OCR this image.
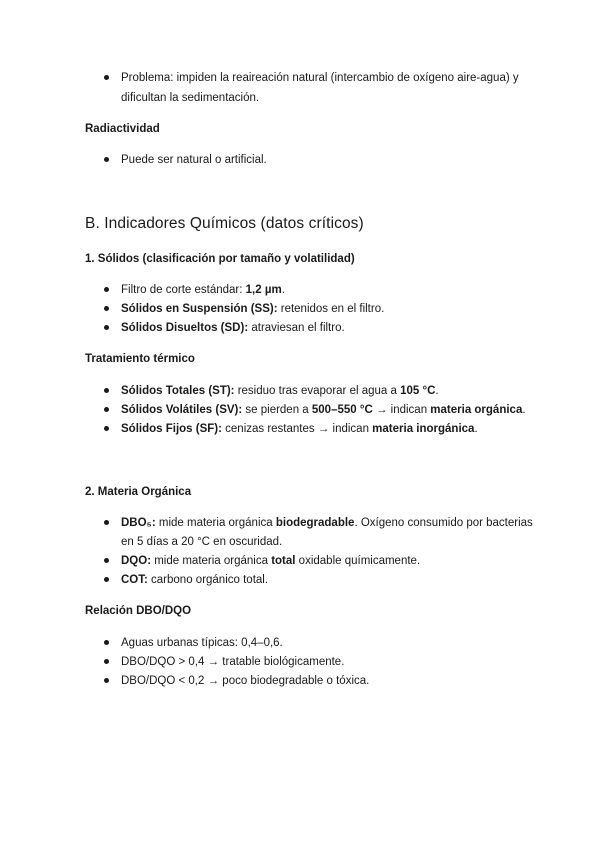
Problema: impiden la reaireación natural (intercambio de oxígeno aire-agua) y
dificultan la sedimentación.
Radiactividad
Puede ser natural o artificial.
B. Indicadores Químicos (datos críticos)
1. Sólidos (clasificación por tamaño y volatilidad)
Filtro de corte estándar: 1,2 µm.
Sólidos en Suspensión (SS): retenidos en el filtro.
Sólidos Disueltos (SD): atraviesan el filtro.
Tratamiento térmico
Sólidos Totales (ST): residuo tras evaporar el agua a 105 °C.
Sólidos Volátiles (SV): se pierden a 500–550 °C → indican materia orgánica.
Sólidos Fijos (SF): cenizas restantes → indican materia inorgánica.
2. Materia Orgánica
DBO₅: mide materia orgánica biodegradable. Oxígeno consumido por bacterias
en 5 días a 20 °C en oscuridad.
DQO: mide materia orgánica total oxidable químicamente.
COT: carbono orgánico total.
Relación DBO/DQO
Aguas urbanas típicas: 0,4–0,6.
DBO/DQO > 0,4 → tratable biológicamente.
DBO/DQO < 0,2 → poco biodegradable o tóxica.
